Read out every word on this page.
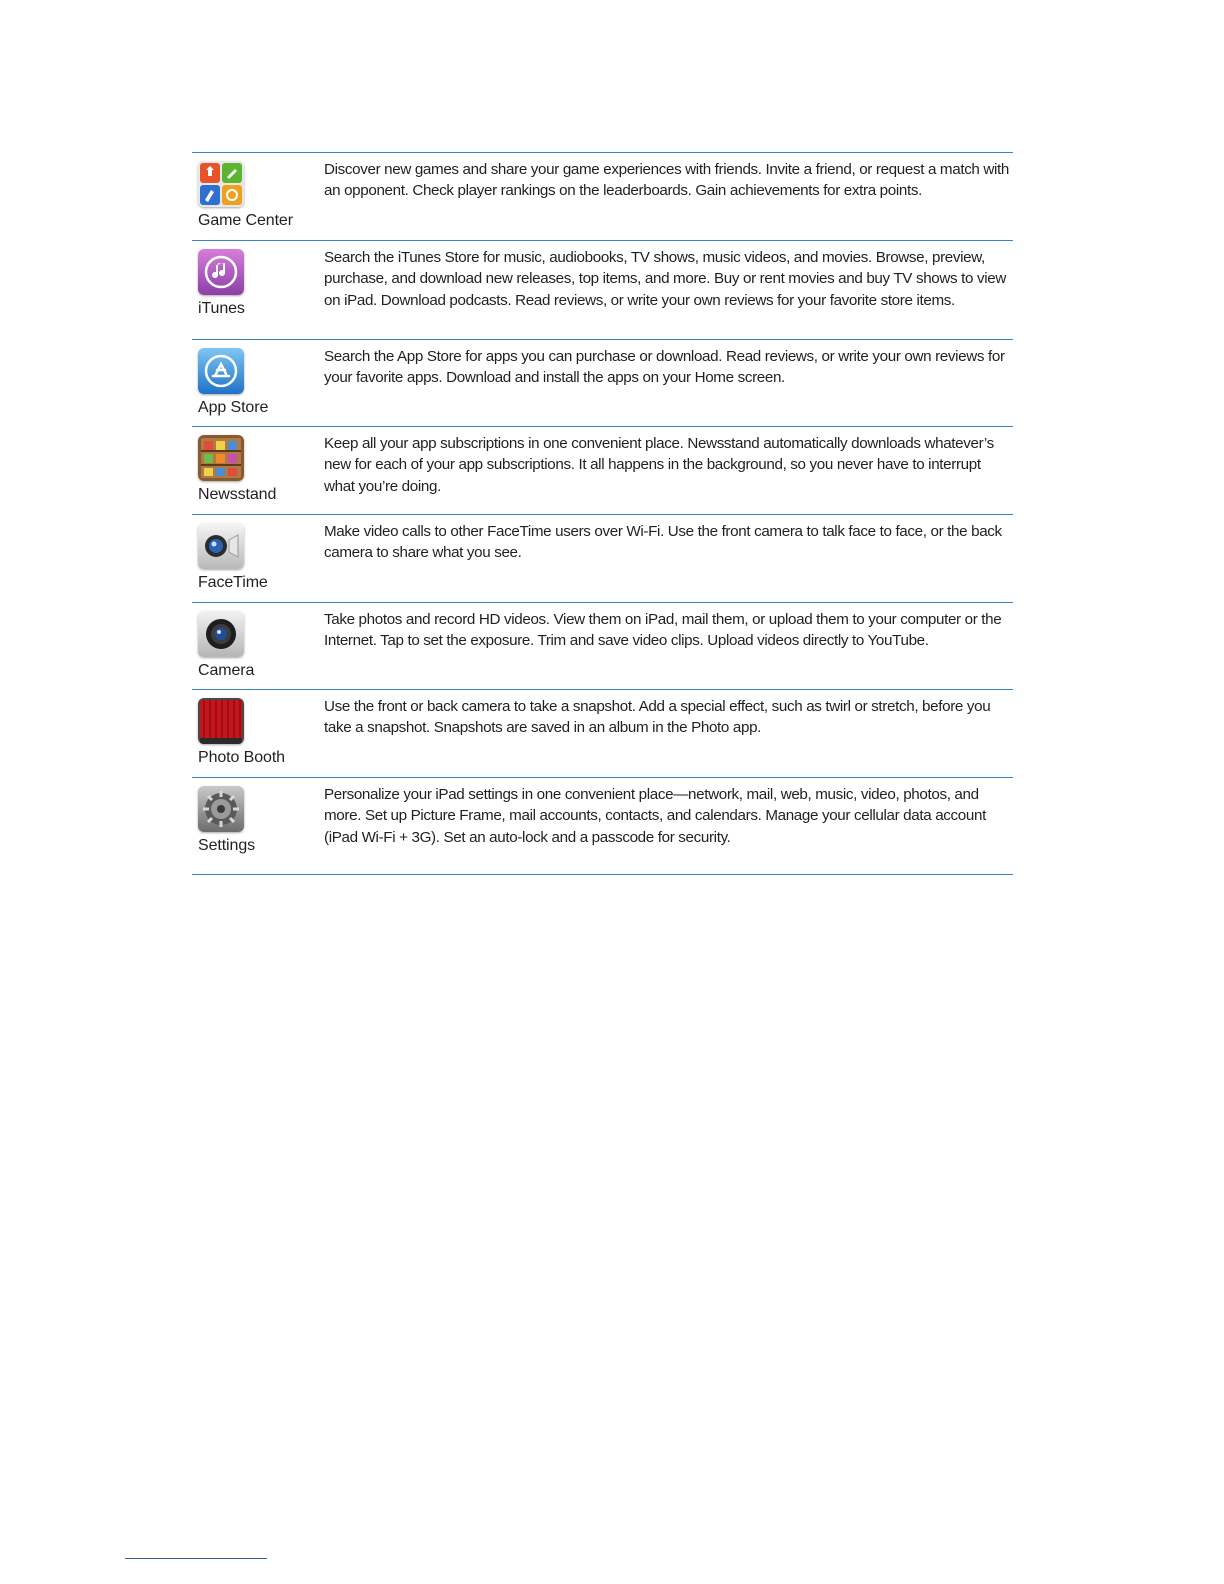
Game Center

Discover new games and share your game experiences with friends. Invite a friend, or request a match with an opponent. Check player rankings on the leaderboards. Gain achievements for extra points.

iTunes

Search the iTunes Store for music, audiobooks, TV shows, music videos, and movies. Browse, preview, purchase, and download new releases, top items, and more. Buy or rent movies and buy TV shows to view on iPad. Download podcasts. Read reviews, or write your own reviews for your favorite store items.

App Store

Search the App Store for apps you can purchase or download. Read reviews, or write your own reviews for your favorite apps. Download and install the apps on your Home screen.

Newsstand

Keep all your app subscriptions in one convenient place. Newsstand automatically downloads whatever’s new for each of your app subscriptions. It all happens in the background, so you never have to interrupt what you’re doing.

FaceTime

Make video calls to other FaceTime users over Wi-Fi. Use the front camera to talk face to face, or the back camera to share what you see.

Camera

Take photos and record HD videos. View them on iPad, mail them, or upload them to your computer or the Internet. Tap to set the exposure. Trim and save video clips. Upload videos directly to YouTube.

Photo Booth

Use the front or back camera to take a snapshot. Add a special effect, such as twirl or stretch, before you take a snapshot. Snapshots are saved in an album in the Photo app.

Settings

Personalize your iPad settings in one convenient place—network, mail, web, music, video, photos, and more. Set up Picture Frame, mail accounts, contacts, and calendars. Manage your cellular data account (iPad Wi-Fi + 3G). Set an auto-lock and a passcode for security.
